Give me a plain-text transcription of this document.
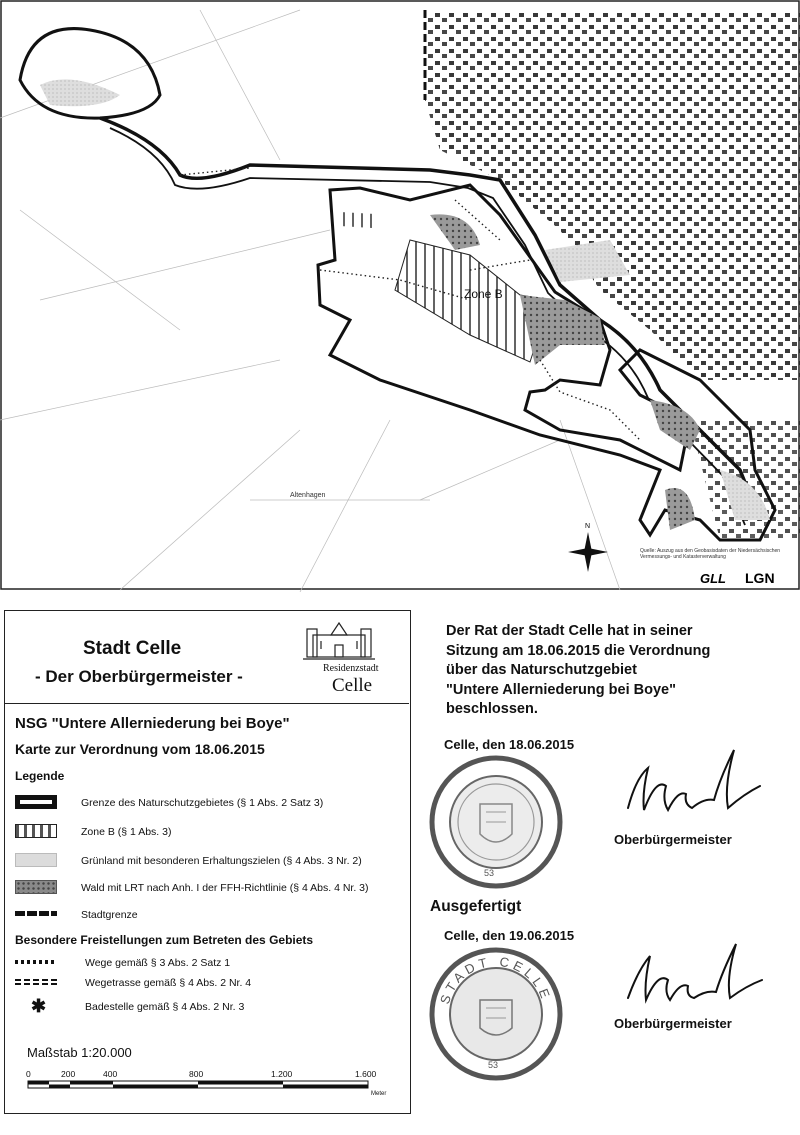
N
GLL LGN
Zone B
Altenhagen
Quelle: Auszug aus den Geobasisdaten der Niedersächsischen Vermessungs- und Katasterverwaltung
Stadt Celle
- Der Oberbürgermeister -	Residenzstadt
Celle
NSG "Untere Allerniederung bei Boye"
Karte zur Verordnung vom 18.06.2015
Legende
Grenze des Naturschutzgebietes (§ 1 Abs. 2 Satz 3)
Zone B (§ 1 Abs. 3)
Grünland mit besonderen Erhaltungszielen (§ 4 Abs. 3 Nr. 2)
Wald mit LRT nach Anh. I der FFH-Richtlinie (§ 4 Abs. 4 Nr. 3)
Stadtgrenze
Besondere Freistellungen zum Betreten des Gebiets
Wege gemäß § 3 Abs. 2 Satz 1
Wegetrasse gemäß § 4 Abs. 2 Nr. 4
✱	Badestelle gemäß § 4 Abs. 2 Nr. 3
Maßstab 1:20.000
0	200	400	800	1.200	1.600
Meter
Der Rat der Stadt Celle hat in seiner
Sitzung am 18.06.2015 die Verordnung
über das Naturschutzgebiet
"Untere Allerniederung bei Boye"
beschlossen.
Celle, den 18.06.2015
53
Oberbürgermeister
Ausgefertigt
Celle, den 19.06.2015
STADT CELLE
53
Oberbürgermeister
